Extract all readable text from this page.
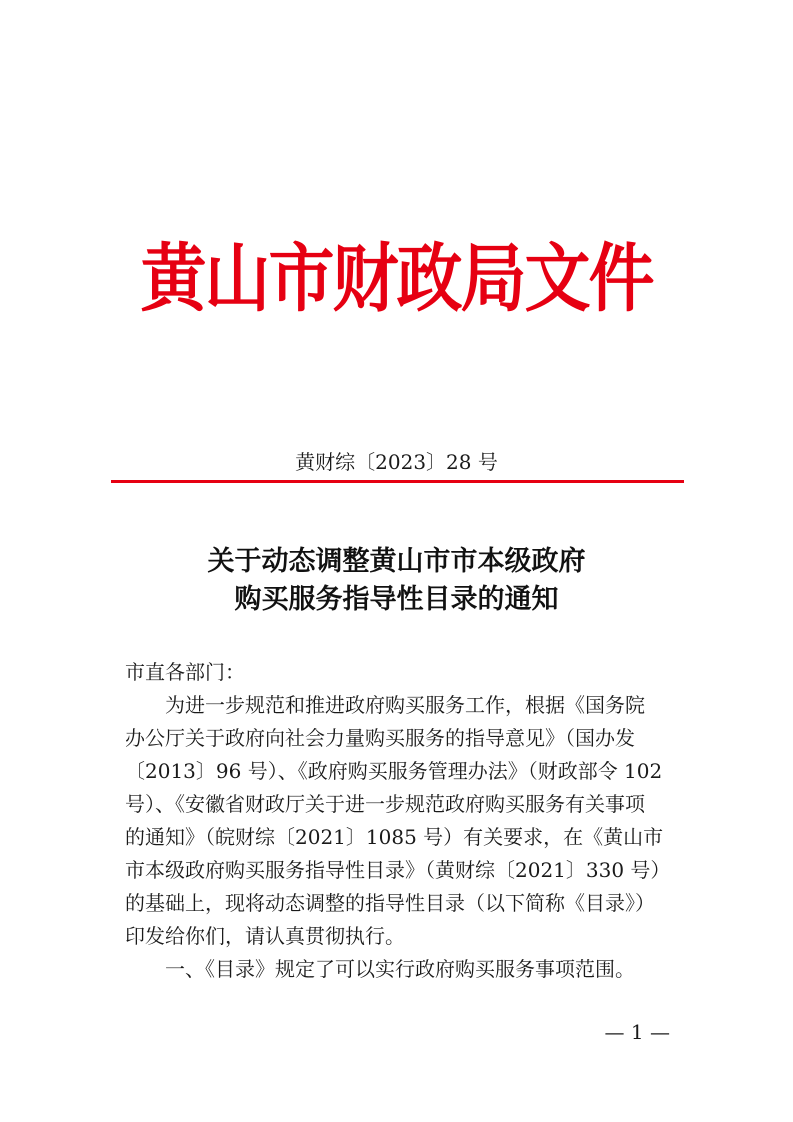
黄山市财政局文件
黄财综〔2023〕28 号
关于动态调整黄山市市本级政府
购买服务指导性目录的通知

市直各部门：

为进一步规范和推进政府购买服务工作，根据《国务院

办公厅关于政府向社会力量购买服务的指导意见》（国办发

〔2013〕96 号）、《政府购买服务管理办法》（财政部令 102

号）、《安徽省财政厅关于进一步规范政府购买服务有关事项

的通知》（皖财综〔2021〕1085 号）有关要求，在《黄山市

市本级政府购买服务指导性目录》（黄财综〔2021〕330 号）

的基础上，现将动态调整的指导性目录（以下简称《目录》）

印发给你们，请认真贯彻执行。

一、《目录》规定了可以实行政府购买服务事项范围。

— 1 —
